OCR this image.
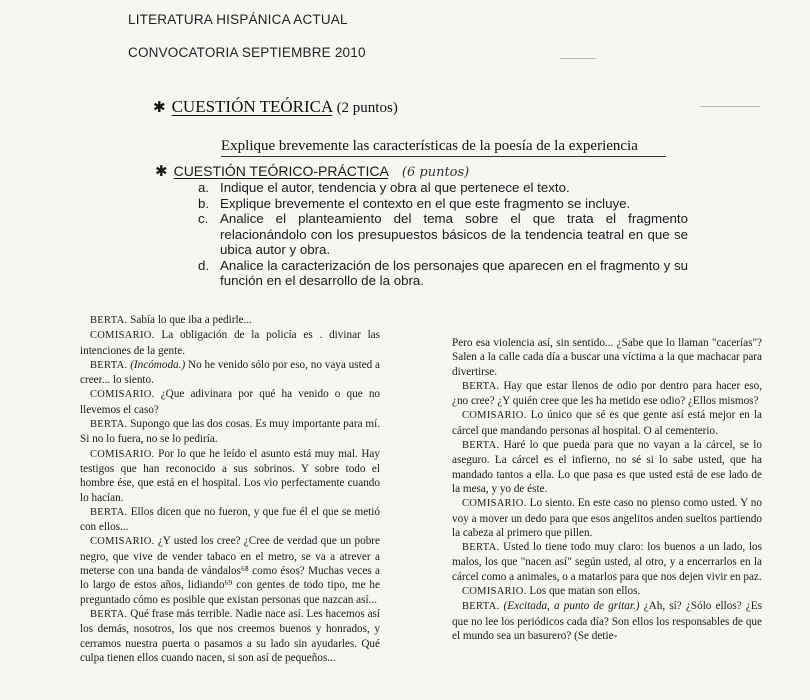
LITERATURA HISPÁNICA ACTUAL
CONVOCATORIA SEPTIEMBRE 2010
✱ CUESTIÓN TEÓRICA (2 puntos)
Explique brevemente las características de la poesía de la experiencia
✱ CUESTIÓN TEÓRICO-PRÁCTICA (6 puntos)
a. Indique el autor, tendencia y obra al que pertenece el texto.
b. Explique brevemente el contexto en el que este fragmento se incluye.
c. Analice el planteamiento del tema sobre el que trata el fragmento relacionándolo con los presupuestos básicos de la tendencia teatral en que se ubica autor y obra.
d. Analice la caracterización de los personajes que aparecen en el fragmento y su función en el desarrollo de la obra.

BERTA. Sabía lo que iba a pedirle...

COMISARIO. La obligación de la policía es . divinar las intenciones de la gente.

BERTA. (Incómoda.) No he venido sólo por eso, no vaya usted a creer... lo siento.

COMISARIO. ¿Que adivinara por qué ha venido o que no llevemos el caso?

BERTA. Supongo que las dos cosas. Es muy importante para mí. Si no lo fuera, no se lo pediría.

COMISARIO. Por lo que he leído el asunto está muy mal. Hay testigos que han reconocido a sus sobrinos. Y sobre todo el hombre ése, que está en el hospital. Los vio perfectamente cuando lo hacían.

BERTA. Ellos dicen que no fueron, y que fue él el que se metió con ellos...

COMISARIO. ¿Y usted los cree? ¿Cree de verdad que un pobre negro, que vive de vender tabaco en el metro, se va a atrever a meterse con una banda de vándalos⁶⁸ como ésos? Muchas veces a lo largo de estos años, lidiando⁶⁹ con gentes de todo tipo, me he preguntado cómo es posible que existan personas que nazcan así...

BERTA. Qué frase más terrible. Nadie nace así. Les hacemos así los demás, nosotros, los que nos creemos buenos y honrados, y cerramos nuestra puerta o pasamos a su lado sin ayudarles. Qué culpa tienen ellos cuando nacen, si son así de pequeños...

Pero esa violencia así, sin sentido... ¿Sabe que lo llaman "cacerías"? Salen a la calle cada día a buscar una víctima a la que machacar para divertirse.

BERTA. Hay que estar llenos de odio por dentro para hacer eso, ¿no cree? ¿Y quién cree que les ha metido ese odio? ¿Ellos mismos?

COMISARIO. Lo único que sé es que gente así está mejor en la cárcel que mandando personas al hospital. O al cementerio.

BERTA. Haré lo que pueda para que no vayan a la cárcel, se lo aseguro. La cárcel es el infierno, no sé si lo sabe usted, que ha mandado tantos a ella. Lo que pasa es que usted está de ese lado de la mesa, y yo de éste.

COMISARIO. Lo siento. En este caso no pienso como usted. Y no voy a mover un dedo para que esos angelitos anden sueltos partiendo la cabeza al primero que pillen.

BERTA. Usted lo tiene todo muy claro: los buenos a un lado, los malos, los que "nacen así" según usted, al otro, y a encerrarlos en la cárcel como a animales, o a matarlos para que nos dejen vivir en paz.

COMISARIO. Los que matan son ellos.

BERTA. (Excitada, a punto de gritar.) ¿Ah, sí? ¿Sólo ellos? ¿Es que no lee los periódicos cada día? Son ellos los responsables de que el mundo sea un basurero? (Se detie-
